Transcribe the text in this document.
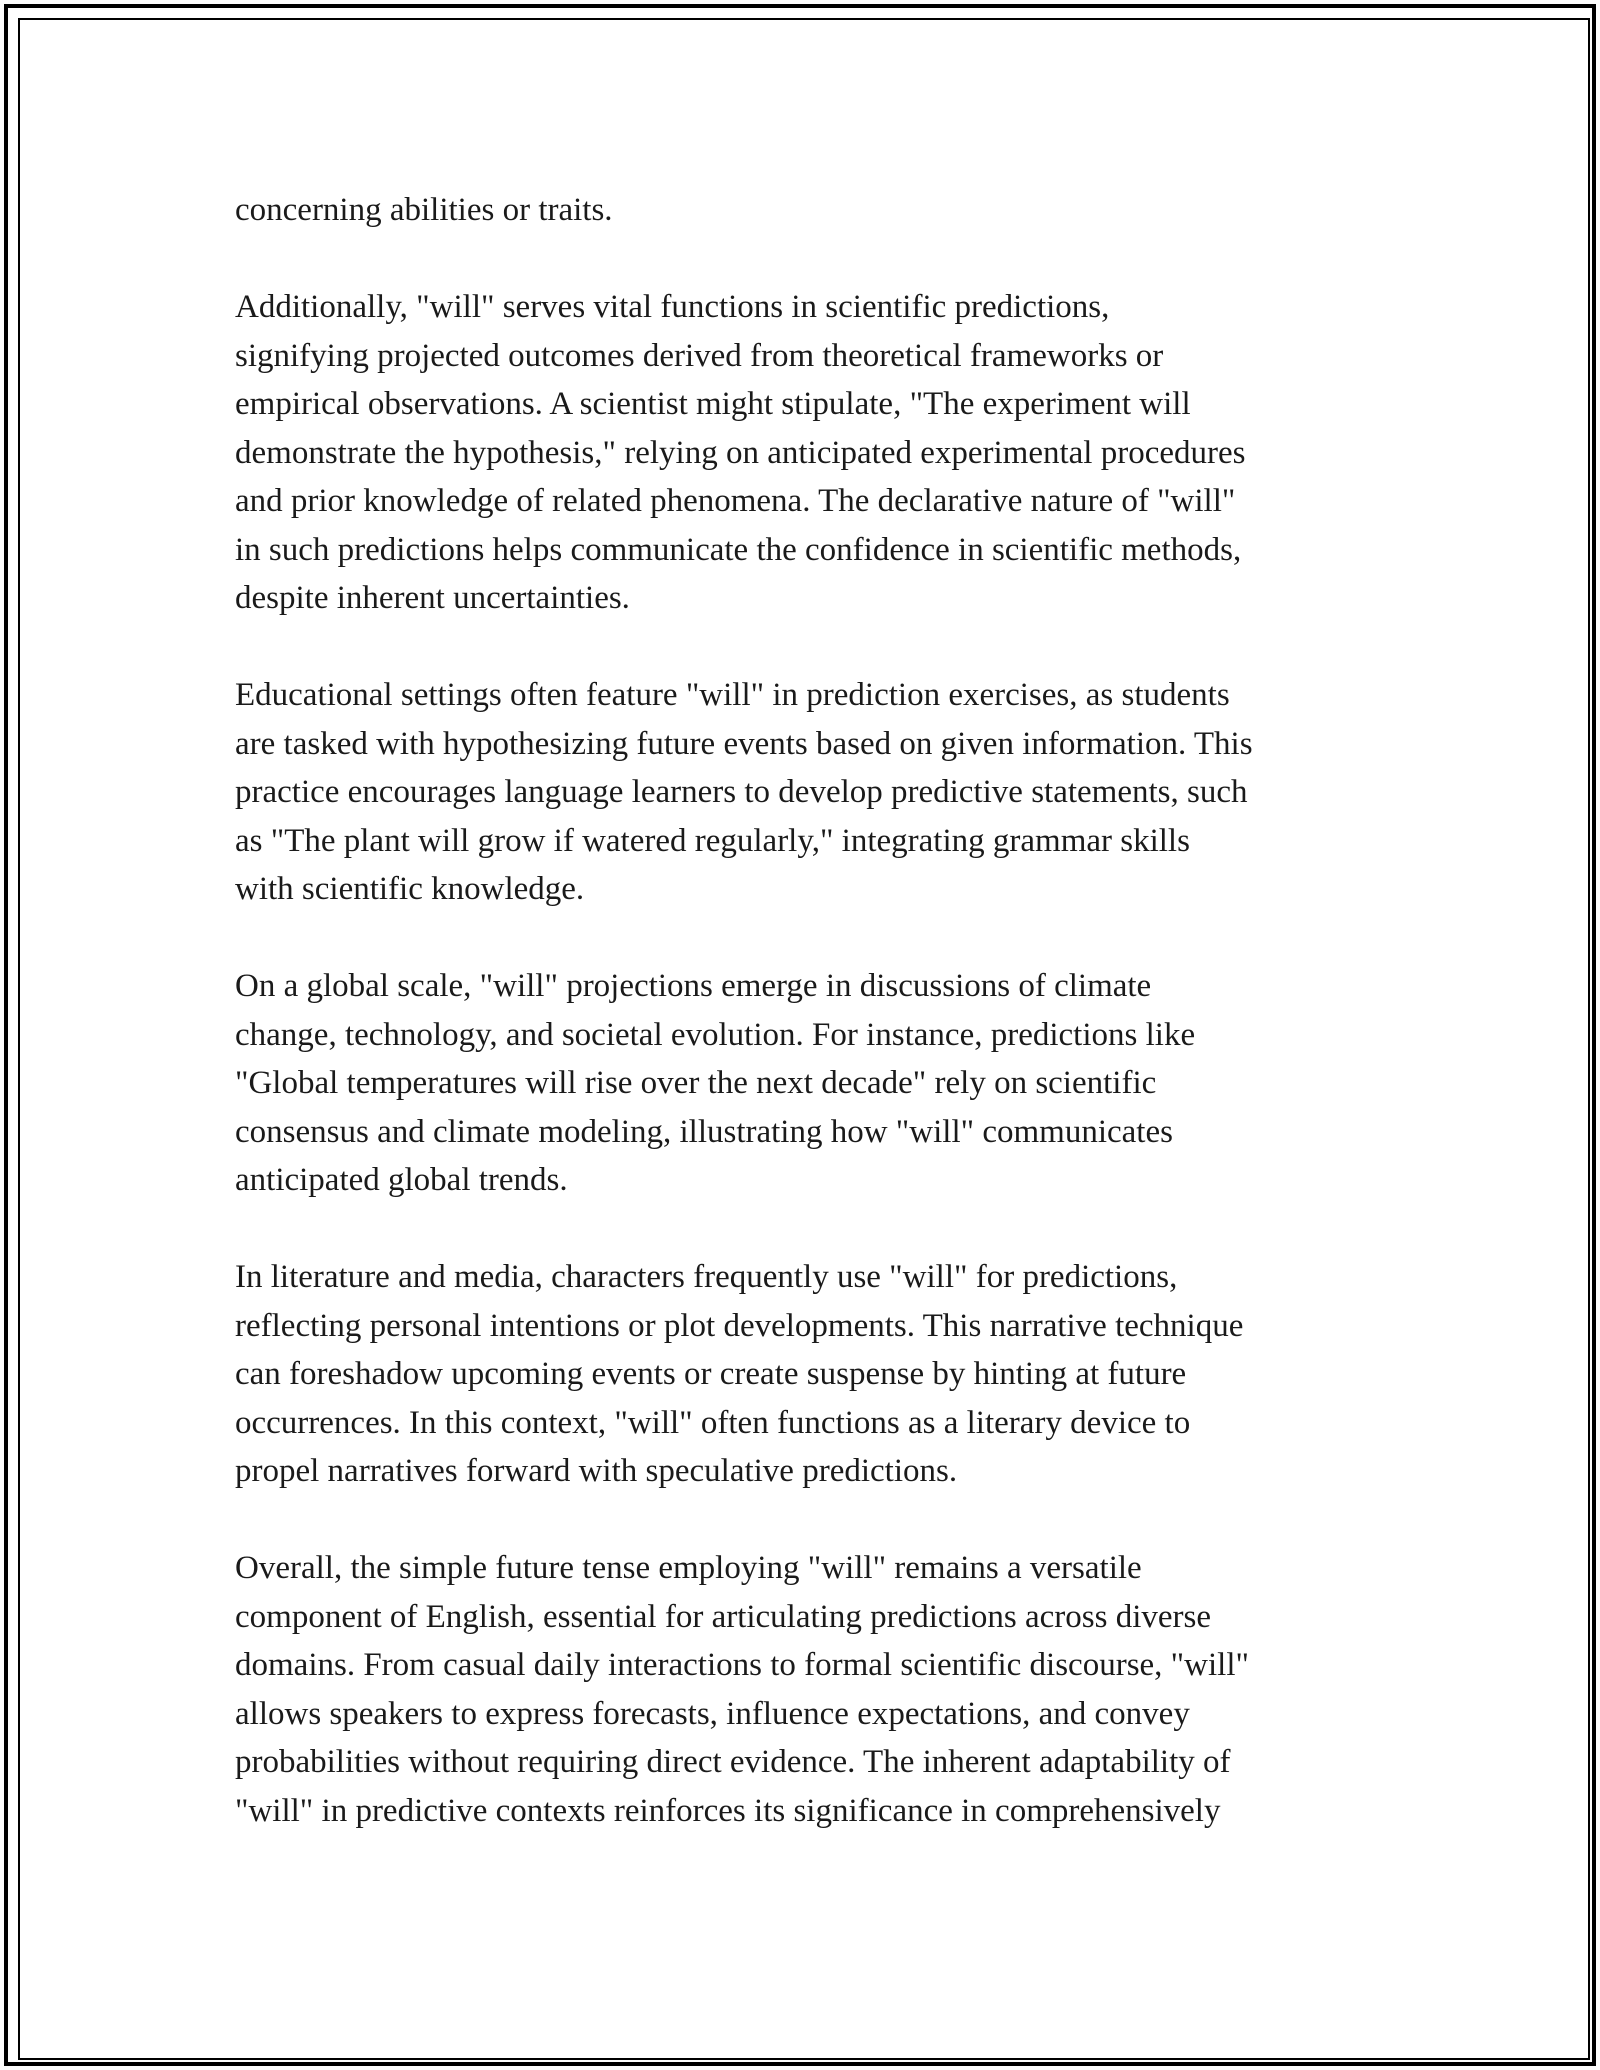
concerning abilities or traits.

Additionally, "will" serves vital functions in scientific predictions,
signifying projected outcomes derived from theoretical frameworks or
empirical observations. A scientist might stipulate, "The experiment will
demonstrate the hypothesis," relying on anticipated experimental procedures
and prior knowledge of related phenomena. The declarative nature of "will"
in such predictions helps communicate the confidence in scientific methods,
despite inherent uncertainties.

Educational settings often feature "will" in prediction exercises, as students
are tasked with hypothesizing future events based on given information. This
practice encourages language learners to develop predictive statements, such
as "The plant will grow if watered regularly," integrating grammar skills
with scientific knowledge.

On a global scale, "will" projections emerge in discussions of climate
change, technology, and societal evolution. For instance, predictions like
"Global temperatures will rise over the next decade" rely on scientific
consensus and climate modeling, illustrating how "will" communicates
anticipated global trends.

In literature and media, characters frequently use "will" for predictions,
reflecting personal intentions or plot developments. This narrative technique
can foreshadow upcoming events or create suspense by hinting at future
occurrences. In this context, "will" often functions as a literary device to
propel narratives forward with speculative predictions.

Overall, the simple future tense employing "will" remains a versatile
component of English, essential for articulating predictions across diverse
domains. From casual daily interactions to formal scientific discourse, "will"
allows speakers to express forecasts, influence expectations, and convey
probabilities without requiring direct evidence. The inherent adaptability of
"will" in predictive contexts reinforces its significance in comprehensively
